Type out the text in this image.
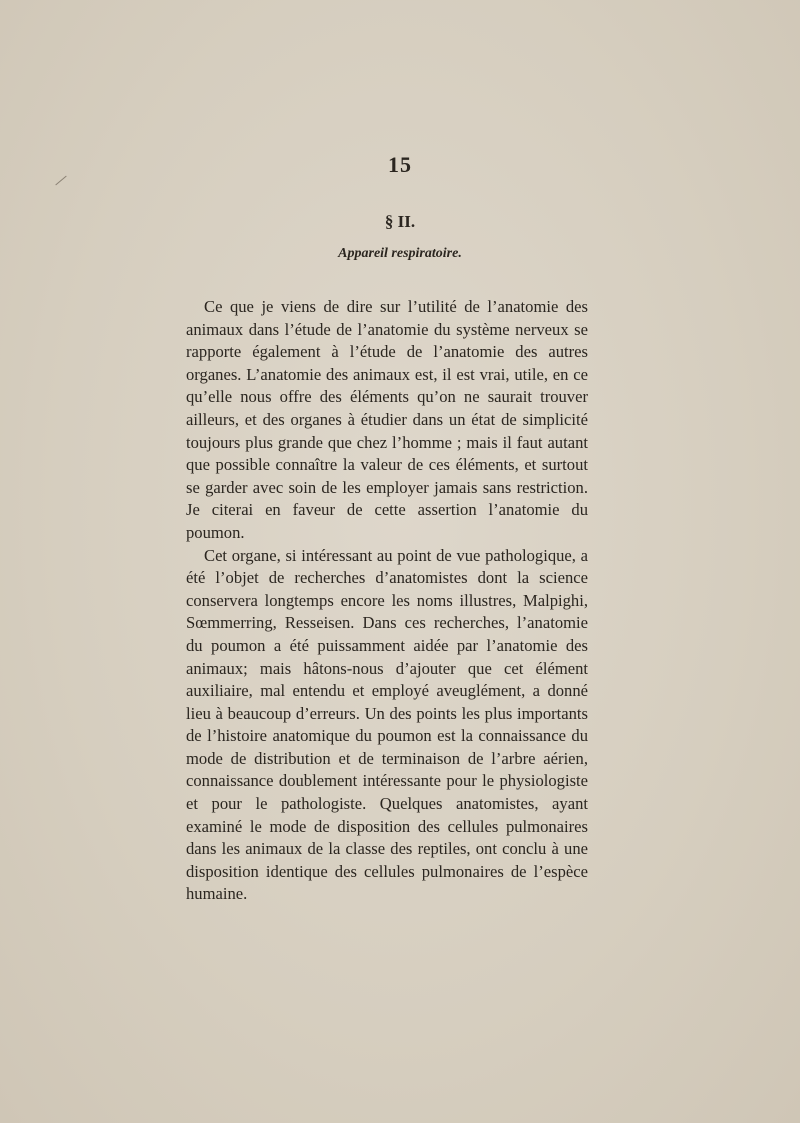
15
§ II.
Appareil respiratoire.

Ce que je viens de dire sur l’utilité de l’anatomie des animaux dans l’étude de l’anatomie du système nerveux se rapporte également à l’étude de l’anatomie des autres organes. L’anatomie des animaux est, il est vrai, utile, en ce qu’elle nous offre des éléments qu’on ne saurait trouver ailleurs, et des organes à étudier dans un état de simplicité toujours plus grande que chez l’homme ; mais il faut autant que possible connaître la valeur de ces éléments, et surtout se garder avec soin de les employer jamais sans restriction. Je citerai en faveur de cette assertion l’anatomie du poumon.

Cet organe, si intéressant au point de vue pathologique, a été l’objet de recherches d’anatomistes dont la science conservera longtemps encore les noms illustres, Malpighi, Sœmmerring, Resseisen. Dans ces recherches, l’anatomie du poumon a été puissamment aidée par l’anatomie des animaux; mais hâtons-nous d’ajouter que cet élément auxiliaire, mal entendu et employé aveuglément, a donné lieu à beaucoup d’erreurs. Un des points les plus importants de l’histoire anatomique du poumon est la connaissance du mode de distribution et de terminaison de l’arbre aérien, connaissance doublement intéressante pour le physiologiste et pour le pathologiste. Quelques anatomistes, ayant examiné le mode de disposition des cellules pulmonaires dans les animaux de la classe des reptiles, ont conclu à une disposition identique des cellules pulmonaires de l’espèce humaine.
